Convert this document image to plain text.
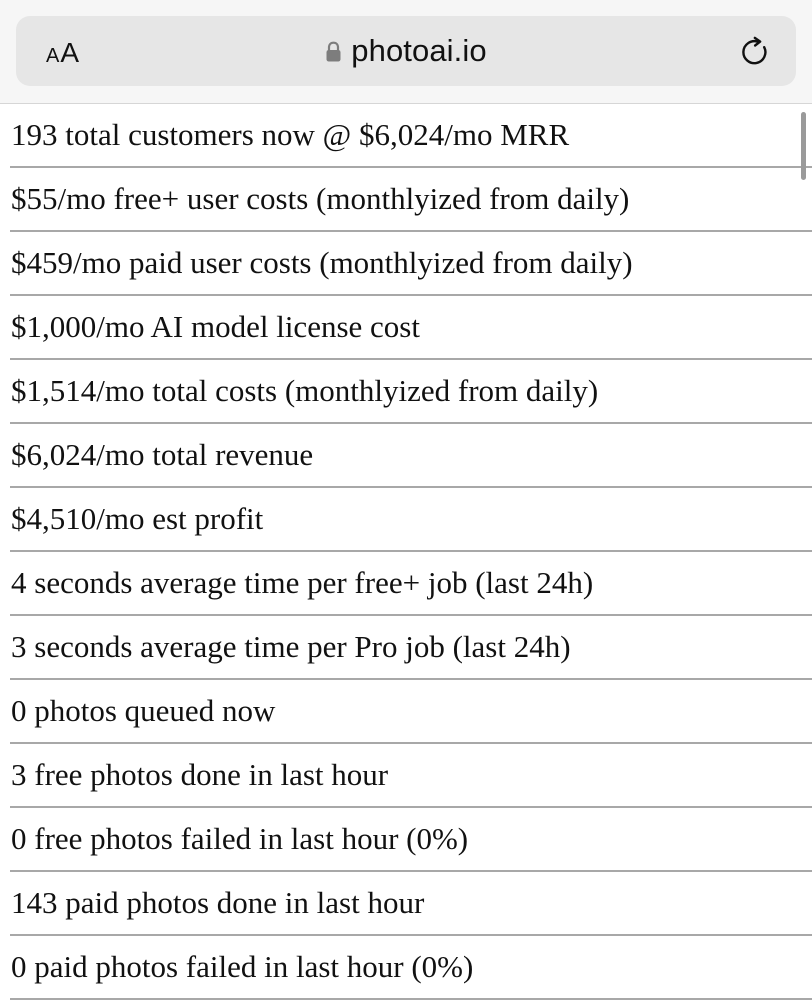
A A	photoai.io
193 total customers now @ $6,024/mo MRR
$55/mo free+ user costs (monthlyized from daily)
$459/mo paid user costs (monthlyized from daily)
$1,000/mo AI model license cost
$1,514/mo total costs (monthlyized from daily)
$6,024/mo total revenue
$4,510/mo est profit
4 seconds average time per free+ job (last 24h)
3 seconds average time per Pro job (last 24h)
0 photos queued now
3 free photos done in last hour
0 free photos failed in last hour (0%)
143 paid photos done in last hour
0 paid photos failed in last hour (0%)
